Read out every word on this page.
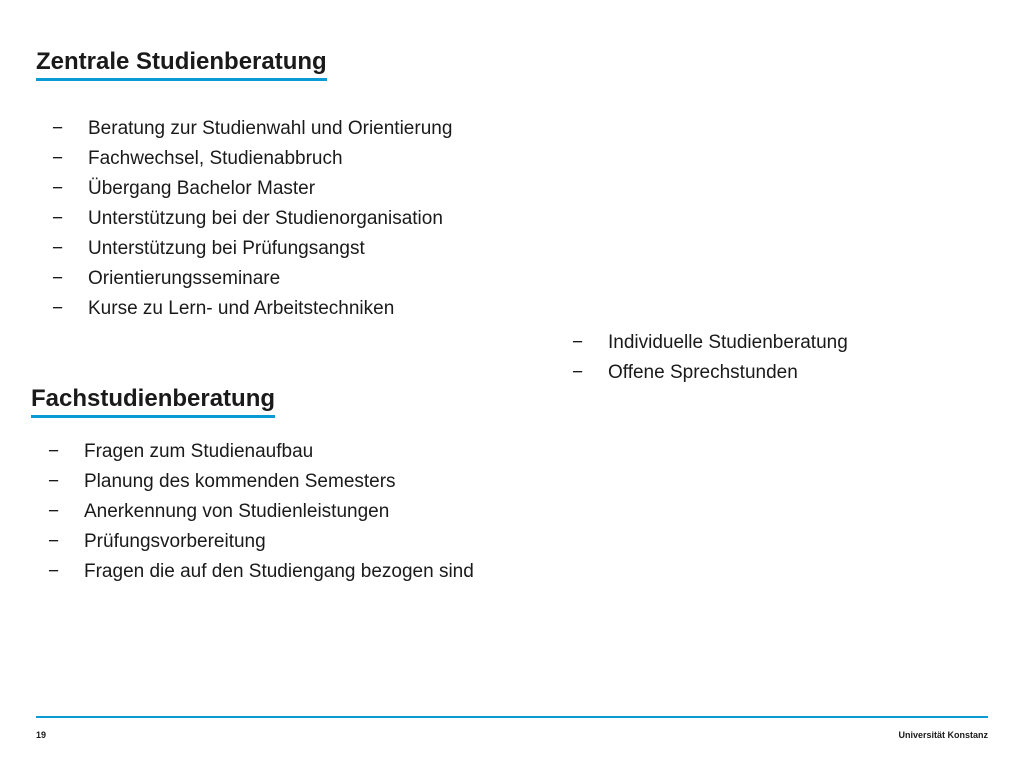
Zentrale Studienberatung
− Beratung zur Studienwahl und Orientierung
− Fachwechsel, Studienabbruch
− Übergang Bachelor Master
− Unterstützung bei der Studienorganisation
− Unterstützung bei Prüfungsangst
− Orientierungsseminare
− Kurse zu Lern- und Arbeitstechniken
− Individuelle Studienberatung
− Offene Sprechstunden
Fachstudienberatung
− Fragen zum Studienaufbau
− Planung des kommenden Semesters
− Anerkennung von Studienleistungen
− Prüfungsvorbereitung
− Fragen die auf den Studiengang bezogen sind
19	Universität Konstanz
